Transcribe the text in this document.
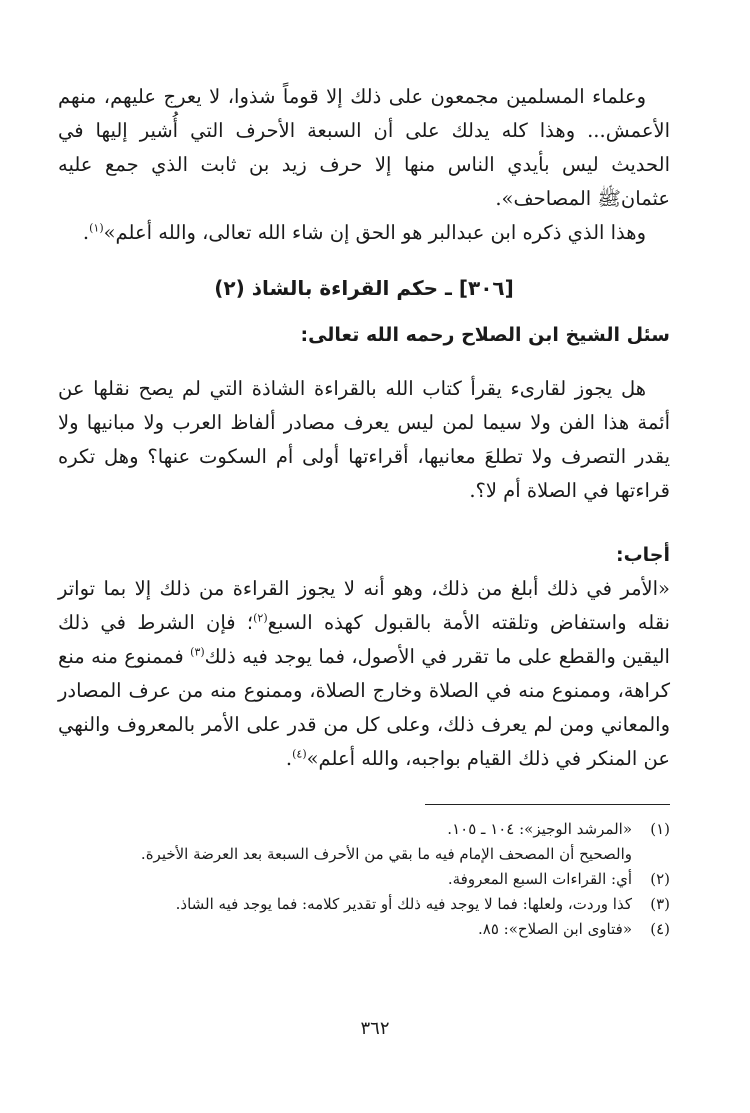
وعلماء المسلمين مجمعون على ذلك إلا قوماً شذوا، لا يعرج عليهم، منهم الأعمش... وهذا كله يدلك على أن السبعة الأحرف التي أُشير إليها في الحديث ليس بأيدي الناس منها إلا حرف زيد بن ثابت الذي جمع عليه عثمانﷺ المصاحف».

وهذا الذي ذكره ابن عبدالبر هو الحق إن شاء الله تعالى، والله أعلم»$^{(١)}$.

[٣٠٦] ـ حكم القراءة بالشاذ (٢)

سئل الشيخ ابن الصلاح رحمه الله تعالى:

هل يجوز لقارىء يقرأ كتاب الله بالقراءة الشاذة التي لم يصح نقلها عن أئمة هذا الفن ولا سيما لمن ليس يعرف مصادر ألفاظ العرب ولا مبانيها ولا يقدر التصرف ولا تطلعَ معانيها، أقراءتها أولى أم السكوت عنها؟ وهل تكره قراءتها في الصلاة أم لا؟.

أجاب:

«الأمر في ذلك أبلغ من ذلك، وهو أنه لا يجوز القراءة من ذلك إلا بما تواتر نقله واستفاض وتلقته الأمة بالقبول كهذه السبع$^{(٢)}$؛ فإن الشرط في ذلك اليقين والقطع على ما تقرر في الأصول، فما يوجد فيه ذلك$^{(٣)}$ فممنوع منه منع كراهة، وممنوع منه في الصلاة وخارج الصلاة، وممنوع منه من عرف المصادر والمعاني ومن لم يعرف ذلك، وعلى كل من قدر على الأمر بالمعروف والنهي عن المنكر في ذلك القيام بواجبه، والله أعلم»$^{(٤)}$.

(١)
«المرشد الوجيز»: ١٠٤ ـ ١٠٥.
والصحيح أن المصحف الإمام فيه ما بقي من الأحرف السبعة بعد العرضة الأخيرة.
(٢)
أي: القراءات السبع المعروفة.
(٣)
كذا وردت، ولعلها: فما لا يوجد فيه ذلك أو تقدير كلامه: فما يوجد فيه الشاذ.
(٤)
«فتاوى ابن الصلاح»: ٨٥.
٣٦٢
